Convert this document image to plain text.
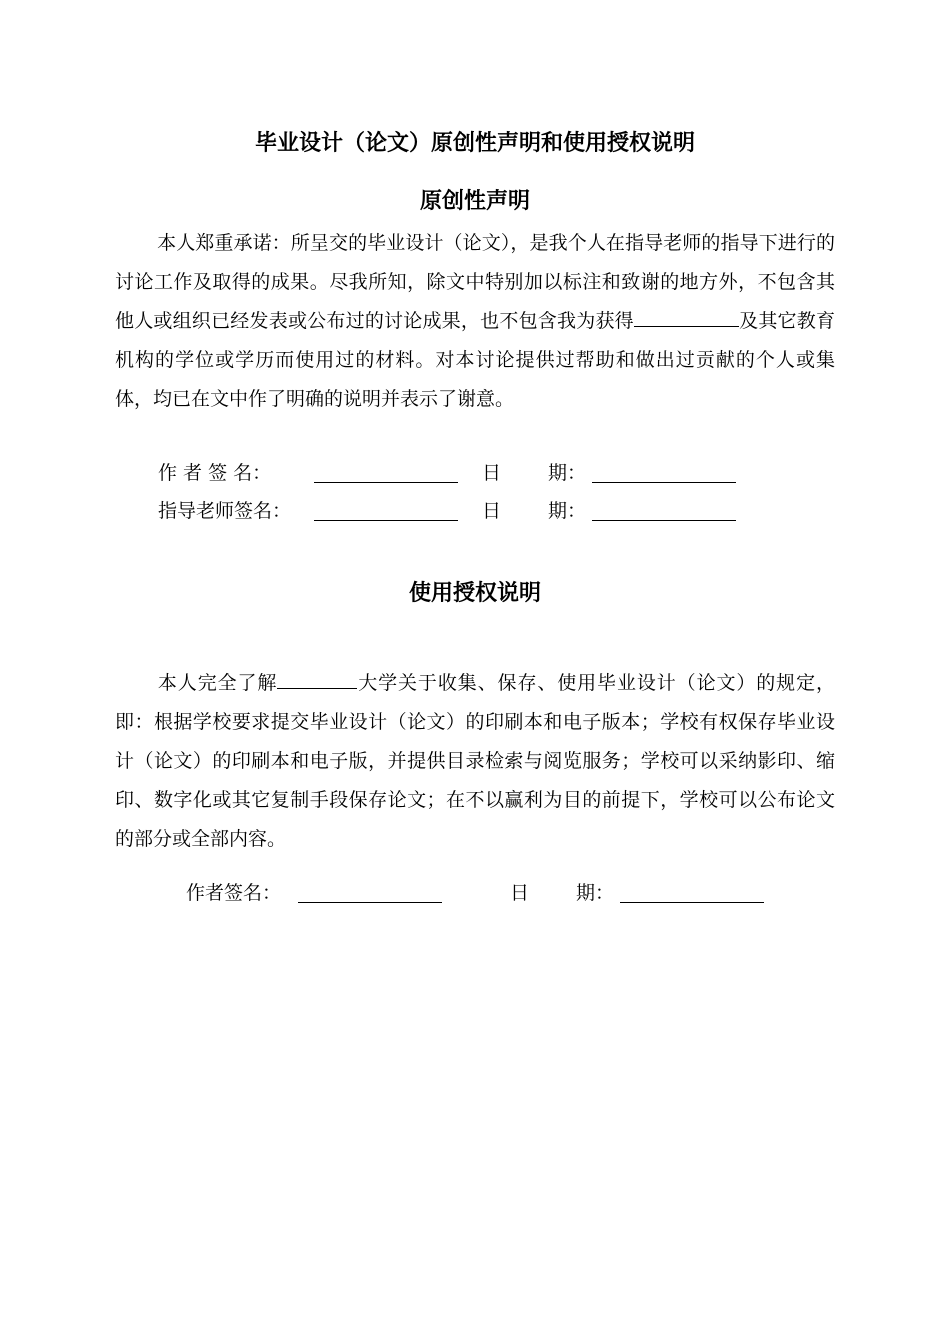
毕业设计（论文）原创性声明和使用授权说明
原创性声明

本人郑重承诺：所呈交的毕业设计（论文），是我个人在指导老师的指导下进行的讨论工作及取得的成果。尽我所知，除文中特别加以标注和致谢的地方外，不包含其他人或组织已经发表或公布过的讨论成果，也不包含我为获得	及其它教育机构的学位或学历而使用过的材料。对本讨论提供过帮助和做出过贡献的个人或集体，均已在文中作了明确的说明并表示了谢意。

作 者 签 名：	日 期：
指导老师签名：	日 期：
使用授权说明

本人完全了解	大学关于收集、保存、使用毕业设计（论文）的规定，即：根据学校要求提交毕业设计（论文）的印刷本和电子版本；学校有权保存毕业设计（论文）的印刷本和电子版，并提供目录检索与阅览服务；学校可以采纳影印、缩印、数字化或其它复制手段保存论文；在不以赢利为目的前提下，学校可以公布论文的部分或全部内容。

作者签名：	日 期：
